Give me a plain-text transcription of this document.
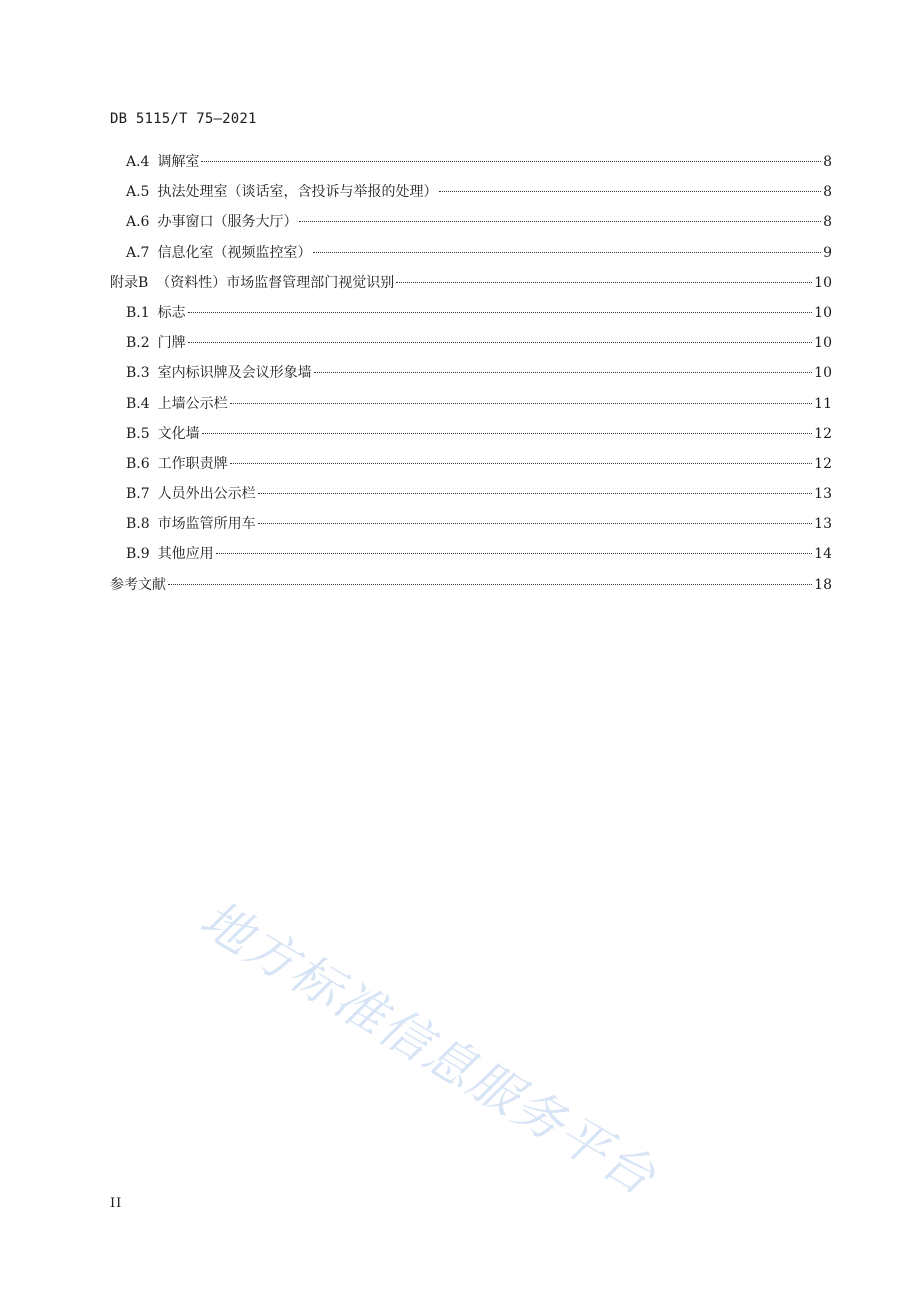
DB 5115/T 75—2021
A.4 调解室	8
A.5 执法处理室（谈话室，含投诉与举报的处理）	8
A.6 办事窗口（服务大厅）	8
A.7 信息化室（视频监控室）	9
附录B （资料性）市场监督管理部门视觉识别	10
B.1 标志	10
B.2 门牌	10
B.3 室内标识牌及会议形象墙	10
B.4 上墙公示栏	11
B.5 文化墙	12
B.6 工作职责牌	12
B.7 人员外出公示栏	13
B.8 市场监管所用车	13
B.9 其他应用	14
参考文献	18
地方标准信息服务平台
II
